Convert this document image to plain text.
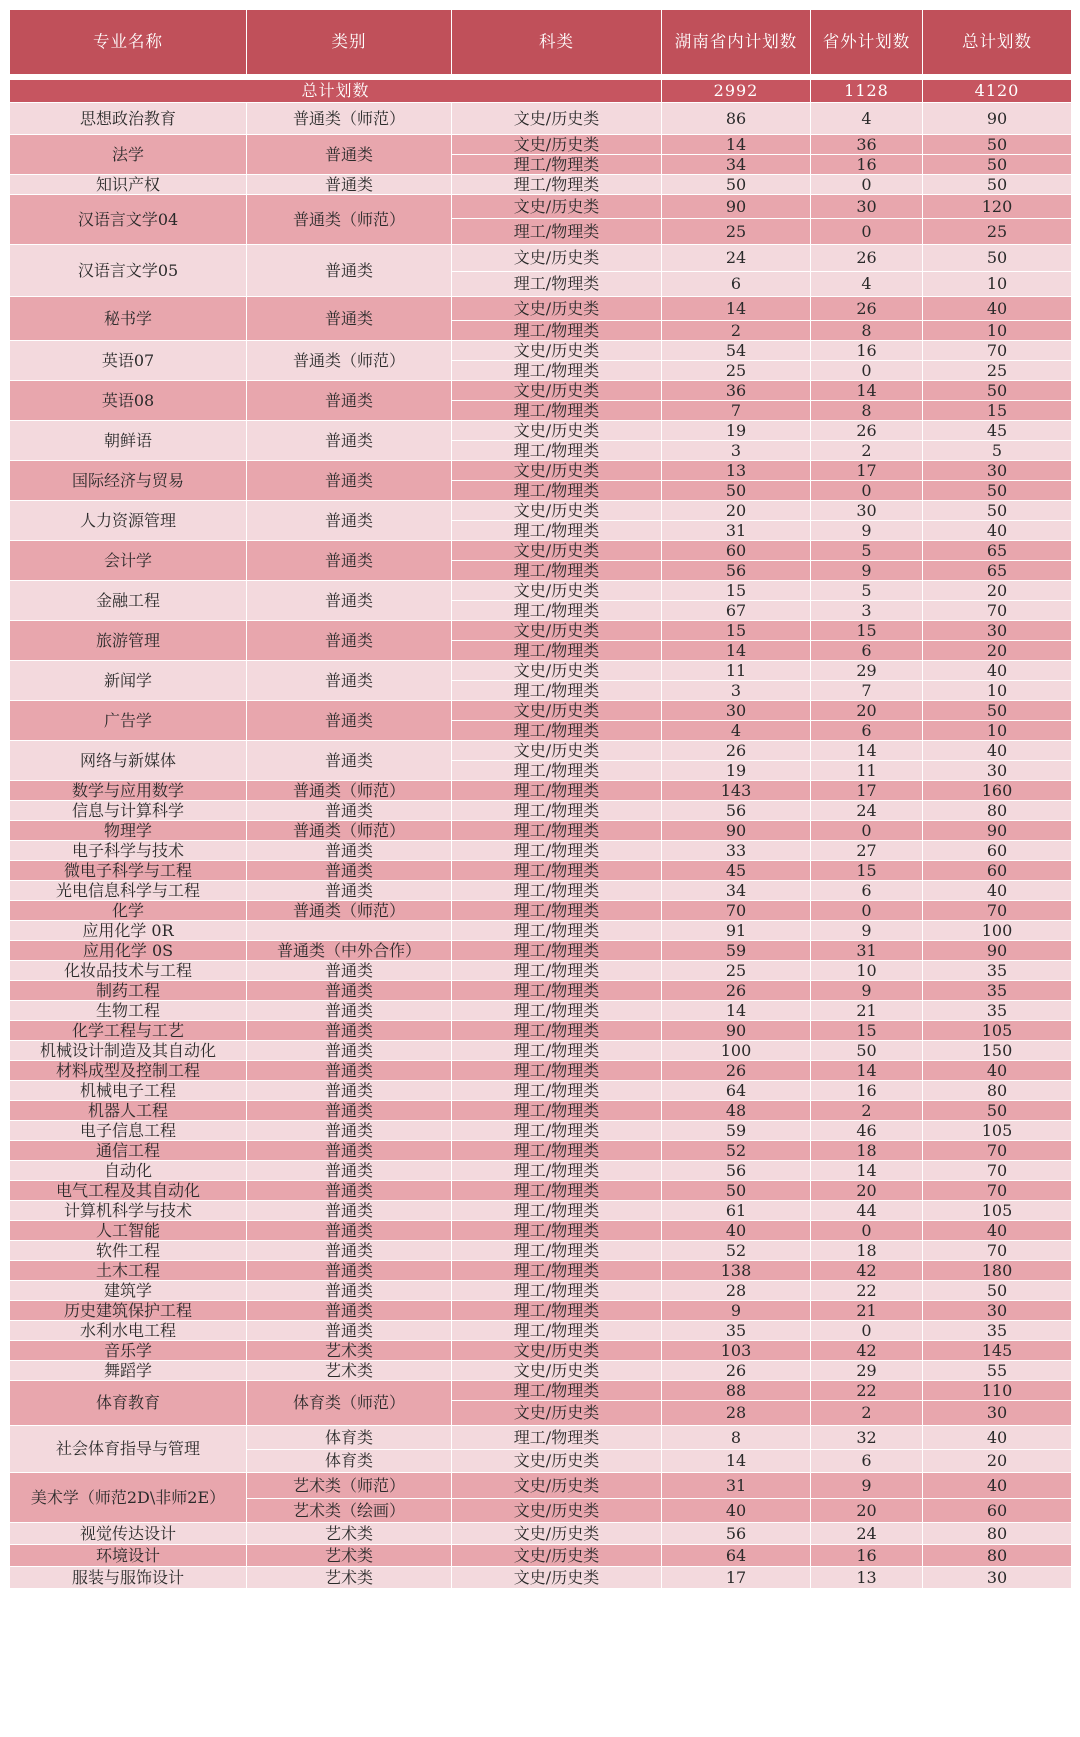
专业名称	类别	科类	湖南省内计划数	省外计划数	总计划数

总计划数			2992	1128	4120
思想政治教育	普通类（师范）	文史/历史类	86	4	90
法学	普通类	文史/历史类	14	36	50
		理工/物理类	34	16	50
知识产权	普通类	理工/物理类	50	0	50
汉语言文学04	普通类（师范）	文史/历史类	90	30	120
		理工/物理类	25	0	25
汉语言文学05	普通类	文史/历史类	24	26	50
		理工/物理类	6	4	10
秘书学	普通类	文史/历史类	14	26	40
		理工/物理类	2	8	10
英语07	普通类（师范）	文史/历史类	54	16	70
		理工/物理类	25	0	25
英语08	普通类	文史/历史类	36	14	50
		理工/物理类	7	8	15
朝鲜语	普通类	文史/历史类	19	26	45
		理工/物理类	3	2	5
国际经济与贸易	普通类	文史/历史类	13	17	30
		理工/物理类	50	0	50
人力资源管理	普通类	文史/历史类	20	30	50
		理工/物理类	31	9	40
会计学	普通类	文史/历史类	60	5	65
		理工/物理类	56	9	65
金融工程	普通类	文史/历史类	15	5	20
		理工/物理类	67	3	70
旅游管理	普通类	文史/历史类	15	15	30
		理工/物理类	14	6	20
新闻学	普通类	文史/历史类	11	29	40
		理工/物理类	3	7	10
广告学	普通类	文史/历史类	30	20	50
		理工/物理类	4	6	10
网络与新媒体	普通类	文史/历史类	26	14	40
		理工/物理类	19	11	30
数学与应用数学	普通类（师范）	理工/物理类	143	17	160
信息与计算科学	普通类	理工/物理类	56	24	80
物理学	普通类（师范）	理工/物理类	90	0	90
电子科学与技术	普通类	理工/物理类	33	27	60
微电子科学与工程	普通类	理工/物理类	45	15	60
光电信息科学与工程	普通类	理工/物理类	34	6	40
化学	普通类（师范）	理工/物理类	70	0	70
应用化学 0R		理工/物理类	91	9	100
应用化学 0S	普通类（中外合作）	理工/物理类	59	31	90
化妆品技术与工程	普通类	理工/物理类	25	10	35
制药工程	普通类	理工/物理类	26	9	35
生物工程	普通类	理工/物理类	14	21	35
化学工程与工艺	普通类	理工/物理类	90	15	105
机械设计制造及其自动化	普通类	理工/物理类	100	50	150
材料成型及控制工程	普通类	理工/物理类	26	14	40
机械电子工程	普通类	理工/物理类	64	16	80
机器人工程	普通类	理工/物理类	48	2	50
电子信息工程	普通类	理工/物理类	59	46	105
通信工程	普通类	理工/物理类	52	18	70
自动化	普通类	理工/物理类	56	14	70
电气工程及其自动化	普通类	理工/物理类	50	20	70
计算机科学与技术	普通类	理工/物理类	61	44	105
人工智能	普通类	理工/物理类	40	0	40
软件工程	普通类	理工/物理类	52	18	70
土木工程	普通类	理工/物理类	138	42	180
建筑学	普通类	理工/物理类	28	22	50
历史建筑保护工程	普通类	理工/物理类	9	21	30
水利水电工程	普通类	理工/物理类	35	0	35
音乐学	艺术类	文史/历史类	103	42	145
舞蹈学	艺术类	文史/历史类	26	29	55
体育教育	体育类（师范）	理工/物理类	88	22	110
		文史/历史类	28	2	30
社会体育指导与管理	体育类	理工/物理类	8	32	40
	体育类	文史/历史类	14	6	20
美术学（师范2D\非师2E）	艺术类（师范）	文史/历史类	31	9	40
	艺术类（绘画）	文史/历史类	40	20	60
视觉传达设计	艺术类	文史/历史类	56	24	80
环境设计	艺术类	文史/历史类	64	16	80
服装与服饰设计	艺术类	文史/历史类	17	13	30
